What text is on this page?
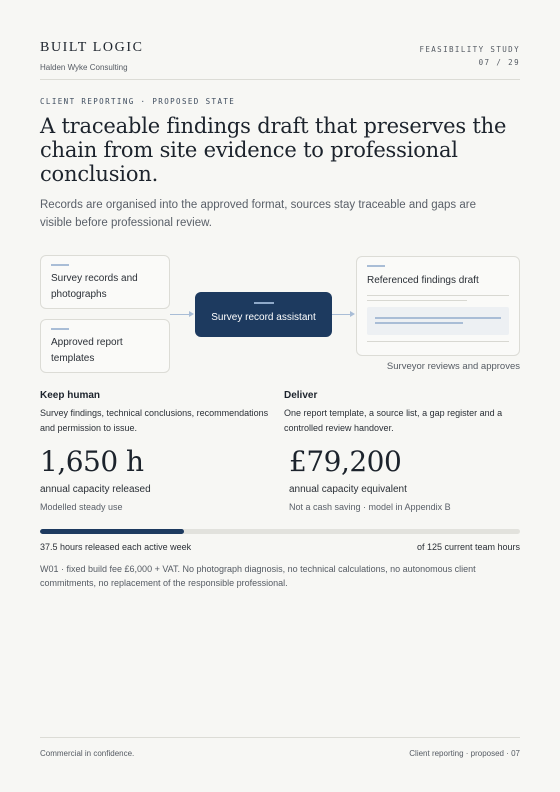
BUILT LOGIC
Halden Wyke Consulting
FEASIBILITY STUDY
07 / 29
CLIENT REPORTING · PROPOSED STATE
A traceable findings draft that preserves the chain from site evidence to professional conclusion.

Records are organised into the approved format, sources stay traceable and gaps are visible before professional review.

Survey records and photographs
Approved report templates
Survey record assistant
Referenced findings draft
Surveyor reviews and approves
Keep human
Survey findings, technical conclusions, recommendations and permission to issue.
1,650 h
annual capacity released
Modelled steady use
Deliver
One report template, a source list, a gap register and a controlled review handover.
£79,200
annual capacity equivalent
Not a cash saving · model in Appendix B
37.5 hours released each active week	of 125 current team hours

W01 · fixed build fee £6,000 + VAT. No photograph diagnosis, no technical calculations, no autonomous client commitments, no replacement of the responsible professional.

Commercial in confidence.	Client reporting · proposed · 07
